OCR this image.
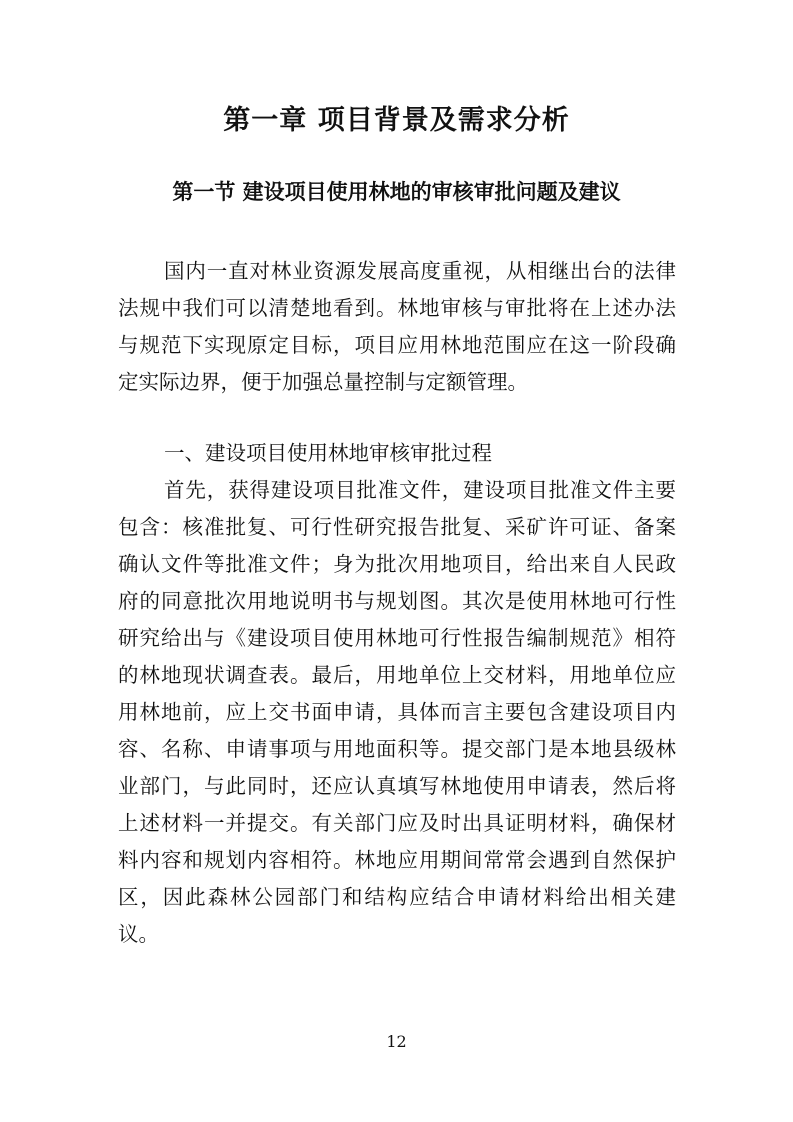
第一章 项目背景及需求分析
第一节 建设项目使用林地的审核审批问题及建议
国内一直对林业资源发展高度重视，从相继出台的法律
法规中我们可以清楚地看到。林地审核与审批将在上述办法
与规范下实现原定目标，项目应用林地范围应在这一阶段确
定实际边界，便于加强总量控制与定额管理。
一、建设项目使用林地审核审批过程
首先，获得建设项目批准文件，建设项目批准文件主要
包含：核准批复、可行性研究报告批复、采矿许可证、备案
确认文件等批准文件；身为批次用地项目，给出来自人民政
府的同意批次用地说明书与规划图。其次是使用林地可行性
研究给出与《建设项目使用林地可行性报告编制规范》相符
的林地现状调查表。最后，用地单位上交材料，用地单位应
用林地前，应上交书面申请，具体而言主要包含建设项目内
容、名称、申请事项与用地面积等。提交部门是本地县级林
业部门，与此同时，还应认真填写林地使用申请表，然后将
上述材料一并提交。有关部门应及时出具证明材料，确保材
料内容和规划内容相符。林地应用期间常常会遇到自然保护
区，因此森林公园部门和结构应结合申请材料给出相关建
议。
12
